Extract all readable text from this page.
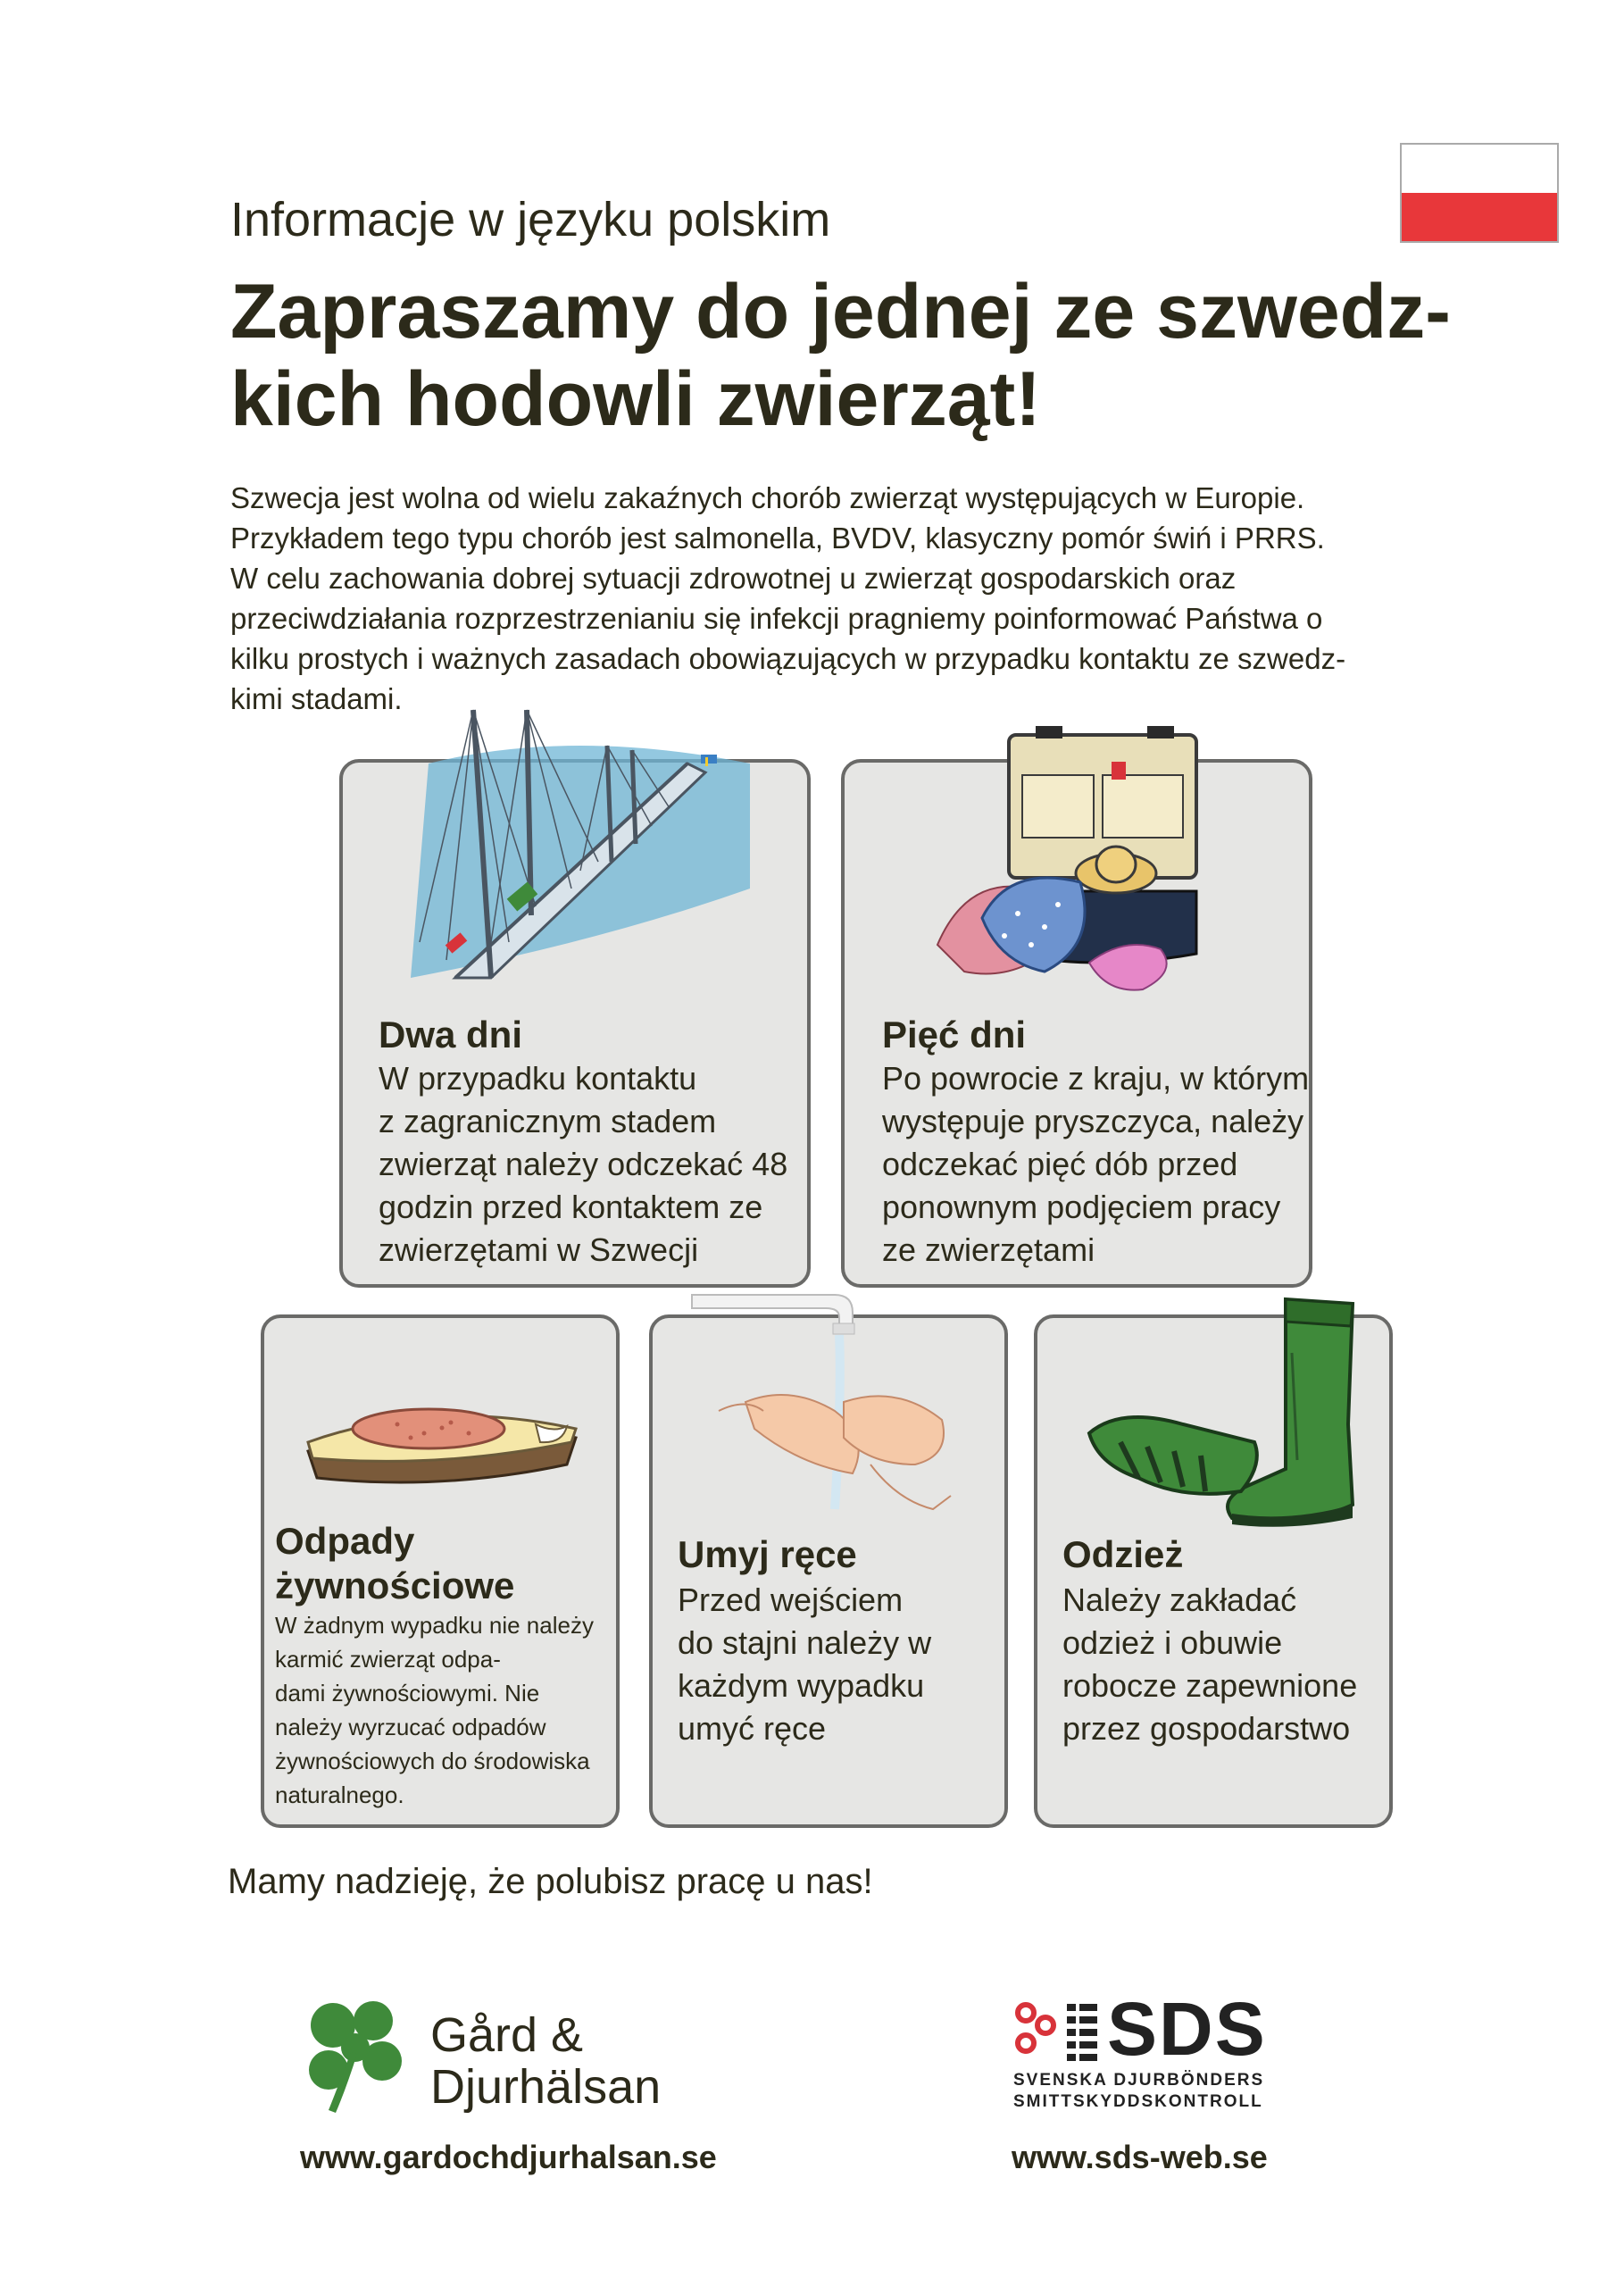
Informacje w języku polskim
Zapraszamy do jednej ze szwedz-
kich hodowli zwierząt!
Szwecja jest wolna od wielu zakaźnych chorób zwierząt występujących w Europie.
Przykładem tego typu chorób jest salmonella, BVDV, klasyczny pomór świń i PRRS.
W celu zachowania dobrej sytuacji zdrowotnej u zwierząt gospodarskich oraz
przeciwdziałania rozprzestrzenianiu się infekcji pragniemy poinformować Państwa o
kilku prostych i ważnych zasadach obowiązujących w przypadku kontaktu ze szwedz-
kimi stadami.
Dwa dni
W przypadku kontaktu
z zagranicznym stadem
zwierząt należy odczekać 48
godzin przed kontaktem ze
zwierzętami w Szwecji
Pięć dni
Po powrocie z kraju, w którym
występuje pryszczyca, należy
odczekać pięć dób przed
ponownym podjęciem pracy
ze zwierzętami
Odpady
żywnościowe
W żadnym wypadku nie należy
karmić zwierząt odpa-
dami żywnościowymi. Nie
należy wyrzucać odpadów
żywnościowych do środowiska
naturalnego.
Umyj ręce
Przed wejściem
do stajni należy w
każdym wypadku
umyć ręce
Odzież
Należy zakładać
odzież i obuwie
robocze zapewnione
przez gospodarstwo
Mamy nadzieję, że polubisz pracę u nas!
Gård &
Djurhälsan
www.gardochdjurhalsan.se
SDS
SVENSKA DJURBÖNDERS
SMITTSKYDDSKONTROLL
www.sds-web.se
